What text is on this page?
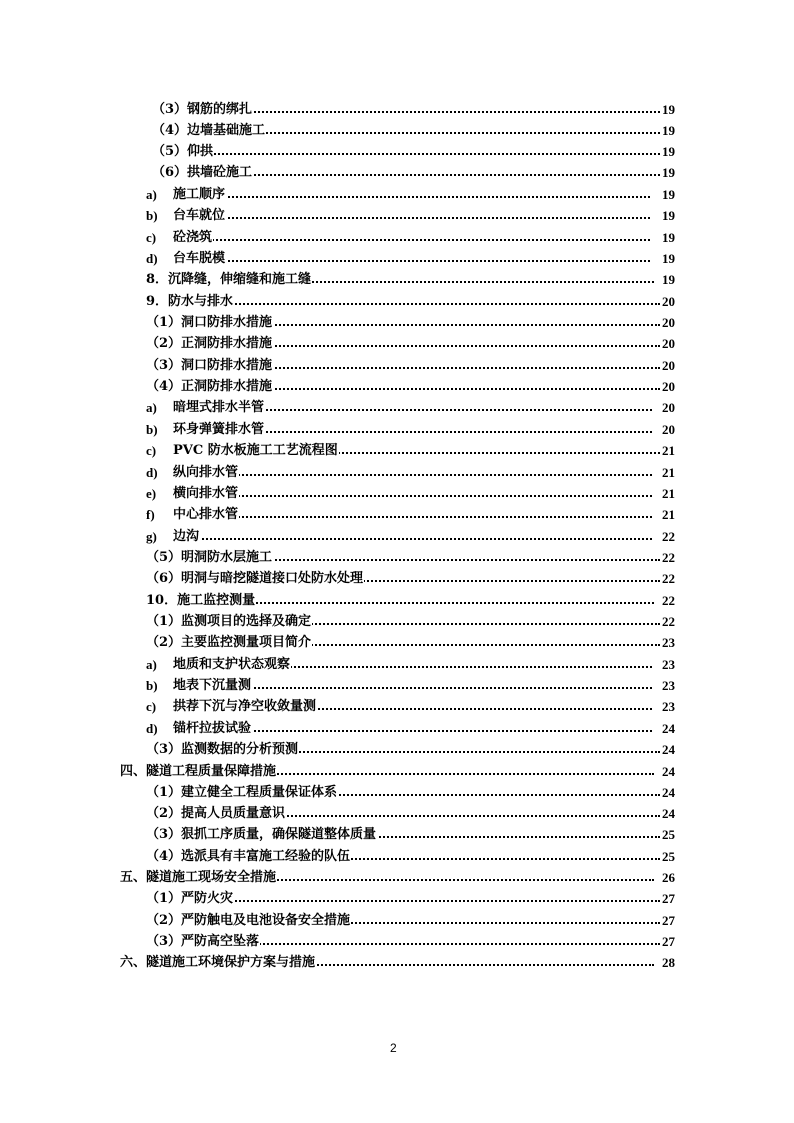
（3）钢筋的绑扎	19
（4）边墙基础施工	19
（5）仰拱	19
（6）拱墙砼施工	19
a) 施工顺序	19
b) 台车就位	19
c) 砼浇筑	19
d) 台车脱模	19
8．沉降缝，伸缩缝和施工缝	19
9．防水与排水	20
（1）洞口防排水措施	20
（2）正洞防排水措施	20
（3）洞口防排水措施	20
（4）正洞防排水措施	20
a) 暗埋式排水半管	20
b) 环身弹簧排水管	20
c) PVC 防水板施工工艺流程图	21
d) 纵向排水管	21
e) 横向排水管	21
f) 中心排水管	21
g) 边沟	22
（5）明洞防水层施工	22
（6）明洞与暗挖隧道接口处防水处理	22
10．施工监控测量	22
（1）监测项目的选择及确定	22
（2）主要监控测量项目简介	23
a) 地质和支护状态观察	23
b) 地表下沉量测	23
c) 拱荐下沉与净空收敛量测	23
d) 锚杆拉拔试验	24
（3）监测数据的分析预测	24
四、隧道工程质量保障措施	24
（1）建立健全工程质量保证体系	24
（2）提高人员质量意识	24
（3）狠抓工序质量，确保隧道整体质量	25
（4）选派具有丰富施工经验的队伍	25
五、隧道施工现场安全措施	26
（1）严防火灾	27
（2）严防触电及电池设备安全措施	27
（3）严防高空坠落	27
六、隧道施工环境保护方案与措施	28
2
